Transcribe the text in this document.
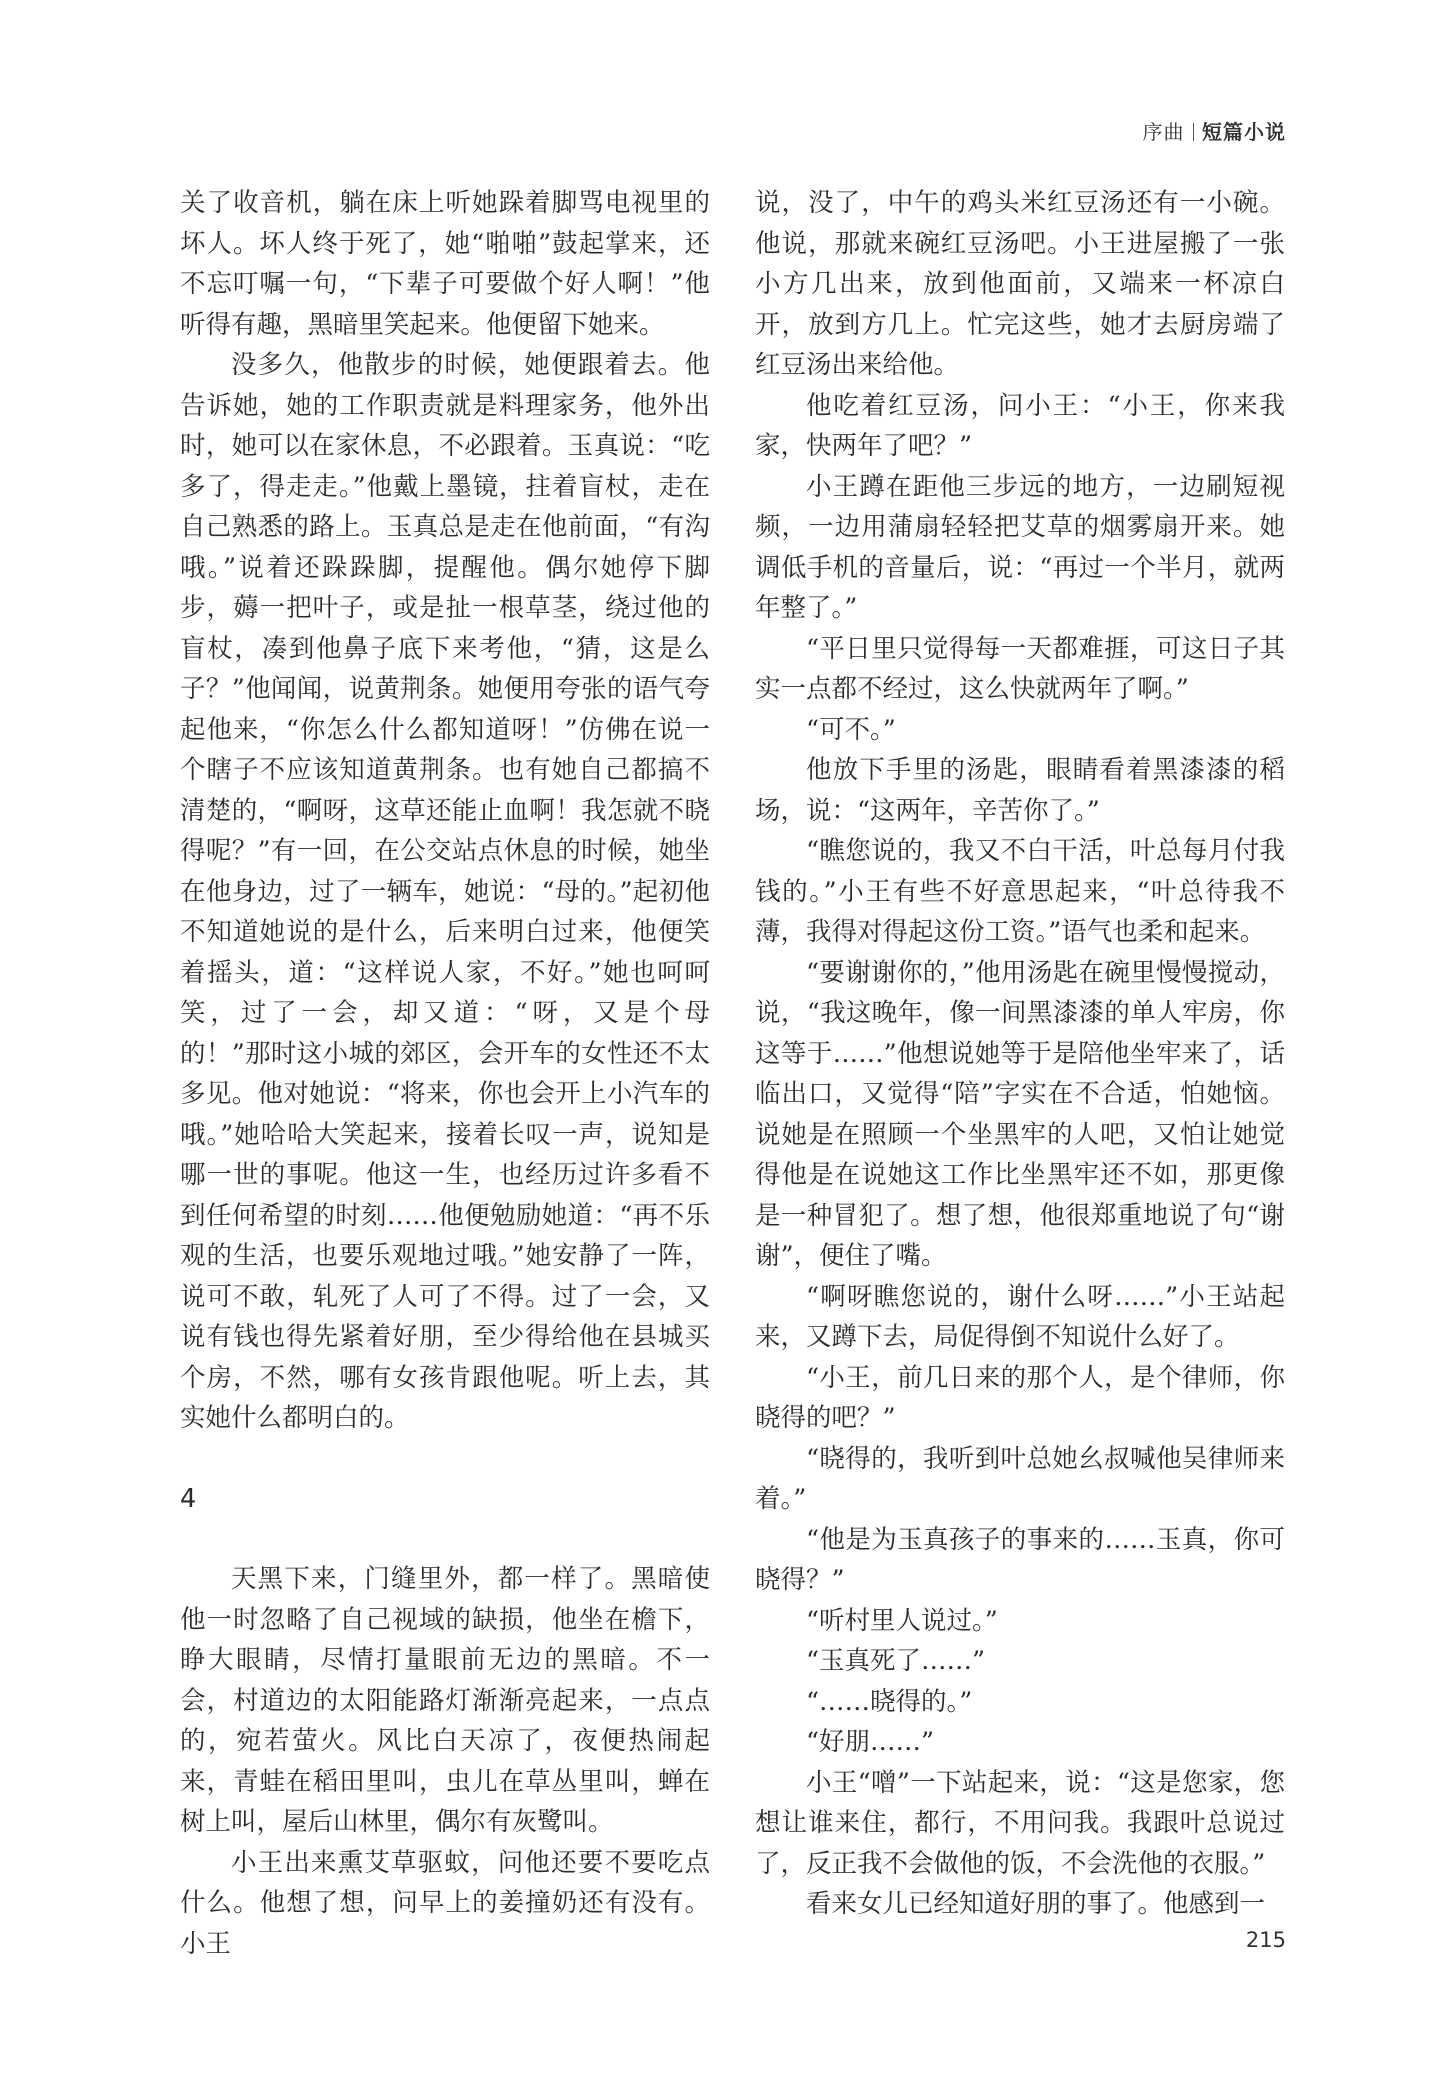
序曲 短篇小说

关了收音机，躺在床上听她跺着脚骂电视里的坏人。坏人终于死了，她“啪啪”鼓起掌来，还不忘叮嘱一句，“下辈子可要做个好人啊！”他听得有趣，黑暗里笑起来。他便留下她来。

没多久，他散步的时候，她便跟着去。他告诉她，她的工作职责就是料理家务，他外出时，她可以在家休息，不必跟着。玉真说：“吃多了，得走走。”他戴上墨镜，拄着盲杖，走在自己熟悉的路上。玉真总是走在他前面，“有沟哦。”说着还跺跺脚，提醒他。偶尔她停下脚步，薅一把叶子，或是扯一根草茎，绕过他的盲杖，凑到他鼻子底下来考他，“猜，这是么子？”他闻闻，说黄荆条。她便用夸张的语气夸起他来，“你怎么什么都知道呀！”仿佛在说一个瞎子不应该知道黄荆条。也有她自己都搞不清楚的，“啊呀，这草还能止血啊！我怎就不晓得呢？”有一回，在公交站点休息的时候，她坐在他身边，过了一辆车，她说：“母的。”起初他不知道她说的是什么，后来明白过来，他便笑着摇头，道：“这样说人家，不好。”她也呵呵笑，过了一会，却又道：“呀，又是个母的！”那时这小城的郊区，会开车的女性还不太多见。他对她说：“将来，你也会开上小汽车的哦。”她哈哈大笑起来，接着长叹一声，说知是哪一世的事呢。他这一生，也经历过许多看不到任何希望的时刻……他便勉励她道：“再不乐观的生活，也要乐观地过哦。”她安静了一阵，说可不敢，轧死了人可了不得。过了一会，又说有钱也得先紧着好朋，至少得给他在县城买个房，不然，哪有女孩肯跟他呢。听上去，其实她什么都明白的。

4

天黑下来，门缝里外，都一样了。黑暗使他一时忽略了自己视域的缺损，他坐在檐下，睁大眼睛，尽情打量眼前无边的黑暗。不一会，村道边的太阳能路灯渐渐亮起来，一点点的，宛若萤火。风比白天凉了，夜便热闹起来，青蛙在稻田里叫，虫儿在草丛里叫，蝉在树上叫，屋后山林里，偶尔有灰鹭叫。

小王出来熏艾草驱蚊，问他还要不要吃点什么。他想了想，问早上的姜撞奶还有没有。小王

说，没了，中午的鸡头米红豆汤还有一小碗。他说，那就来碗红豆汤吧。小王进屋搬了一张小方几出来，放到他面前，又端来一杯凉白开，放到方几上。忙完这些，她才去厨房端了红豆汤出来给他。

他吃着红豆汤，问小王：“小王，你来我家，快两年了吧？”

小王蹲在距他三步远的地方，一边刷短视频，一边用蒲扇轻轻把艾草的烟雾扇开来。她调低手机的音量后，说：“再过一个半月，就两年整了。”

“平日里只觉得每一天都难捱，可这日子其实一点都不经过，这么快就两年了啊。”

“可不。”

他放下手里的汤匙，眼睛看着黑漆漆的稻场，说：“这两年，辛苦你了。”

“瞧您说的，我又不白干活，叶总每月付我钱的。”小王有些不好意思起来，“叶总待我不薄，我得对得起这份工资。”语气也柔和起来。

“要谢谢你的，”他用汤匙在碗里慢慢搅动，说，“我这晚年，像一间黑漆漆的单人牢房，你这等于……”他想说她等于是陪他坐牢来了，话临出口，又觉得“陪”字实在不合适，怕她恼。说她是在照顾一个坐黑牢的人吧，又怕让她觉得他是在说她这工作比坐黑牢还不如，那更像是一种冒犯了。想了想，他很郑重地说了句“谢谢”，便住了嘴。

“啊呀瞧您说的，谢什么呀……”小王站起来，又蹲下去，局促得倒不知说什么好了。

“小王，前几日来的那个人，是个律师，你晓得的吧？”

“晓得的，我听到叶总她幺叔喊他吴律师来着。”

“他是为玉真孩子的事来的……玉真，你可晓得？”

“听村里人说过。”

“玉真死了……”

“……晓得的。”

“好朋……”

小王“噌”一下站起来，说：“这是您家，您想让谁来住，都行，不用问我。我跟叶总说过了，反正我不会做他的饭，不会洗他的衣服。”

看来女儿已经知道好朋的事了。他感到一

215
